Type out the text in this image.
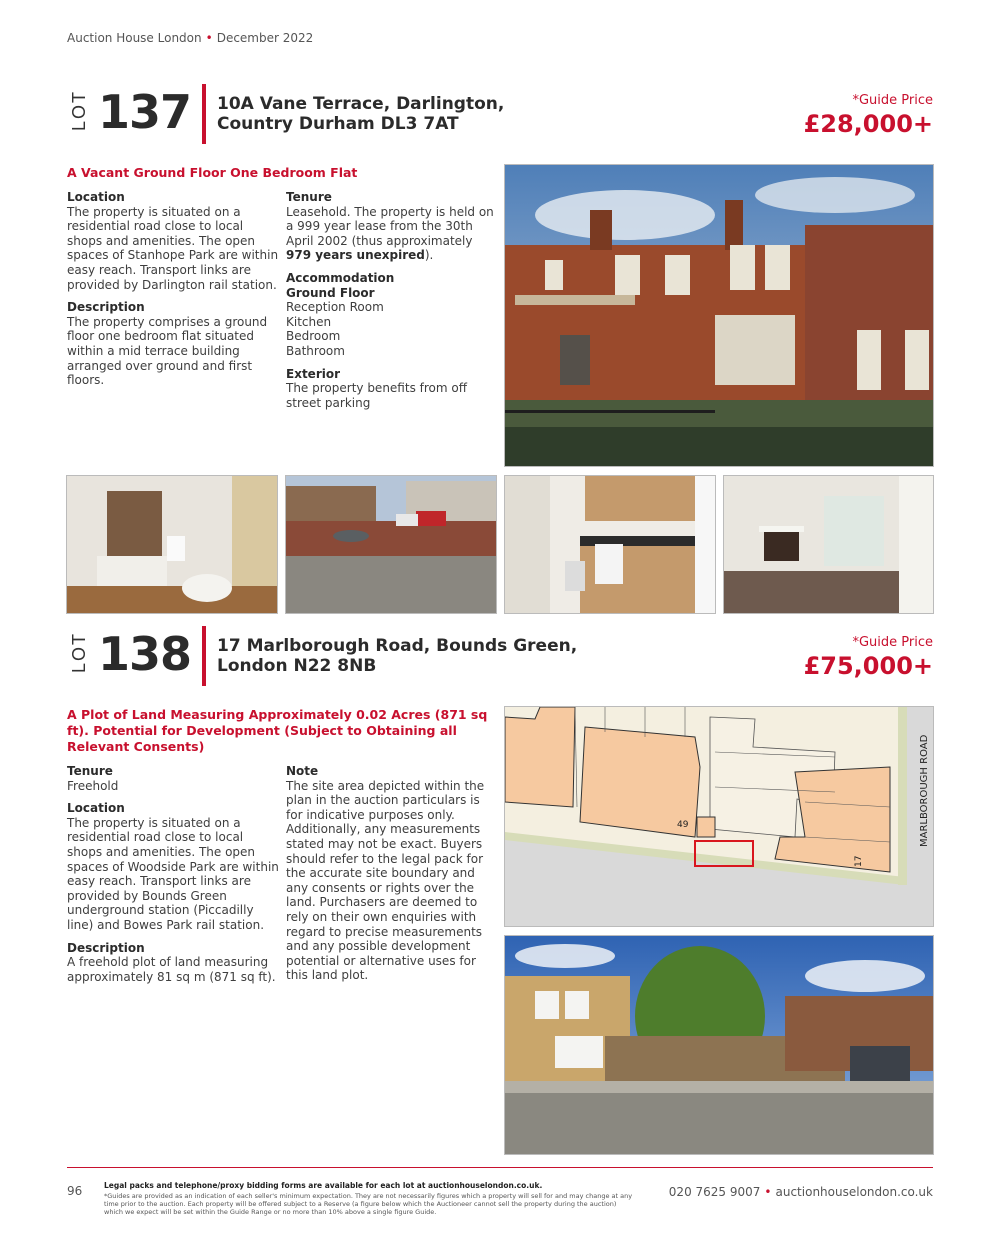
Auction House London • December 2022
LOT 137 10A Vane Terrace, Darlington,
Country Durham DL3 7AT
*Guide Price
£28,000+
A Vacant Ground Floor One Bedroom Flat

Location
The property is situated on a residential road close to local shops and amenities. The open spaces of Stanhope Park are within easy reach. Transport links are provided by Darlington rail station.

Description
The property comprises a ground floor one bedroom flat situated within a mid terrace building arranged over ground and first floors.

Tenure
Leasehold. The property is held on a 999 year lease from the 30th April 2002 (thus approximately 979 years unexpired).

Accommodation
Ground Floor
Reception Room
Kitchen
Bedroom
Bathroom

Exterior
The property benefits from off street parking

LOT 138 17 Marlborough Road, Bounds Green,
London N22 8NB
*Guide Price
£75,000+
A Plot of Land Measuring Approximately 0.02 Acres (871 sq ft). Potential for Development (Subject to Obtaining all Relevant Consents)

Tenure
Freehold

Location
The property is situated on a residential road close to local shops and amenities. The open spaces of Woodside Park are within easy reach. Transport links are provided by Bounds Green underground station (Piccadilly line) and Bowes Park rail station.

Description
A freehold plot of land measuring approximately 81 sq m (871 sq ft).

Note
The site area depicted within the plan in the auction particulars is for indicative purposes only. Additionally, any measurements stated may not be exact. Buyers should refer to the legal pack for the accurate site boundary and any consents or rights over the land. Purchasers are deemed to rely on their own enquiries with regard to precise measurements and any possible development potential or alternative uses for this land plot.

49
17
MARLBOROUGH ROAD
96	Legal packs and telephone/proxy bidding forms are available for each lot at auctionhouselondon.co.uk.
*Guides are provided as an indication of each seller's minimum expectation. They are not necessarily figures which a property will sell for and may change at any time prior to the auction. Each property will be offered subject to a Reserve (a figure below which the Auctioneer cannot sell the property during the auction) which we expect will be set within the Guide Range or no more than 10% above a single figure Guide.
020 7625 9007 • auctionhouselondon.co.uk
